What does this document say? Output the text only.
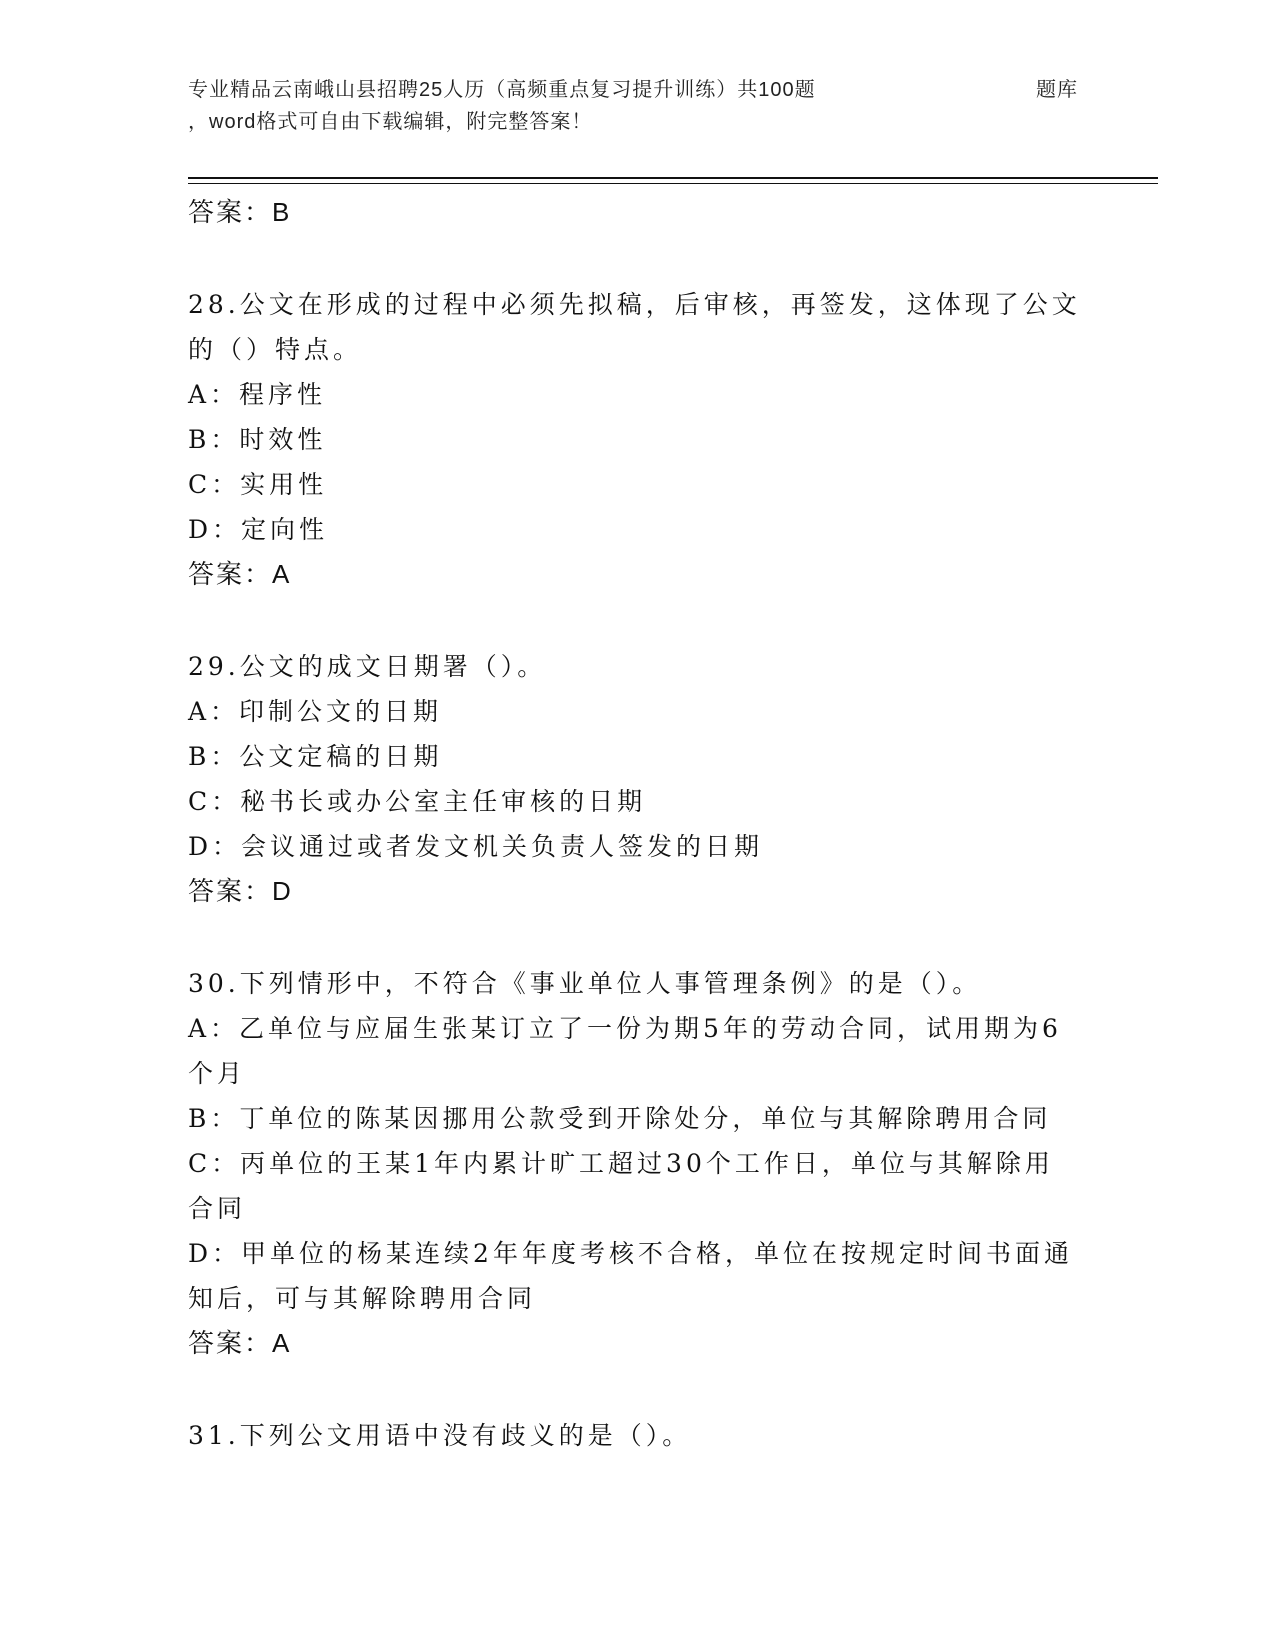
专业精品云南峨山县招聘25人历（高频重点复习提升训练）共100题	题库
，word格式可自由下载编辑，附完整答案！
答案：B
28.公文在形成的过程中必须先拟稿，后审核，再签发，这体现了公文
的（）特点。
A：程序性
B：时效性
C：实用性
D：定向性
答案：A
29.公文的成文日期署（）。
A：印制公文的日期
B：公文定稿的日期
C：秘书长或办公室主任审核的日期
D：会议通过或者发文机关负责人签发的日期
答案：D
30.下列情形中，不符合《事业单位人事管理条例》的是（）。
A：乙单位与应届生张某订立了一份为期5年的劳动合同，试用期为6
个月
B：丁单位的陈某因挪用公款受到开除处分，单位与其解除聘用合同
C：丙单位的王某1年内累计旷工超过30个工作日，单位与其解除用
合同
D：甲单位的杨某连续2年年度考核不合格，单位在按规定时间书面通
知后，可与其解除聘用合同
答案：A
31.下列公文用语中没有歧义的是（）。
